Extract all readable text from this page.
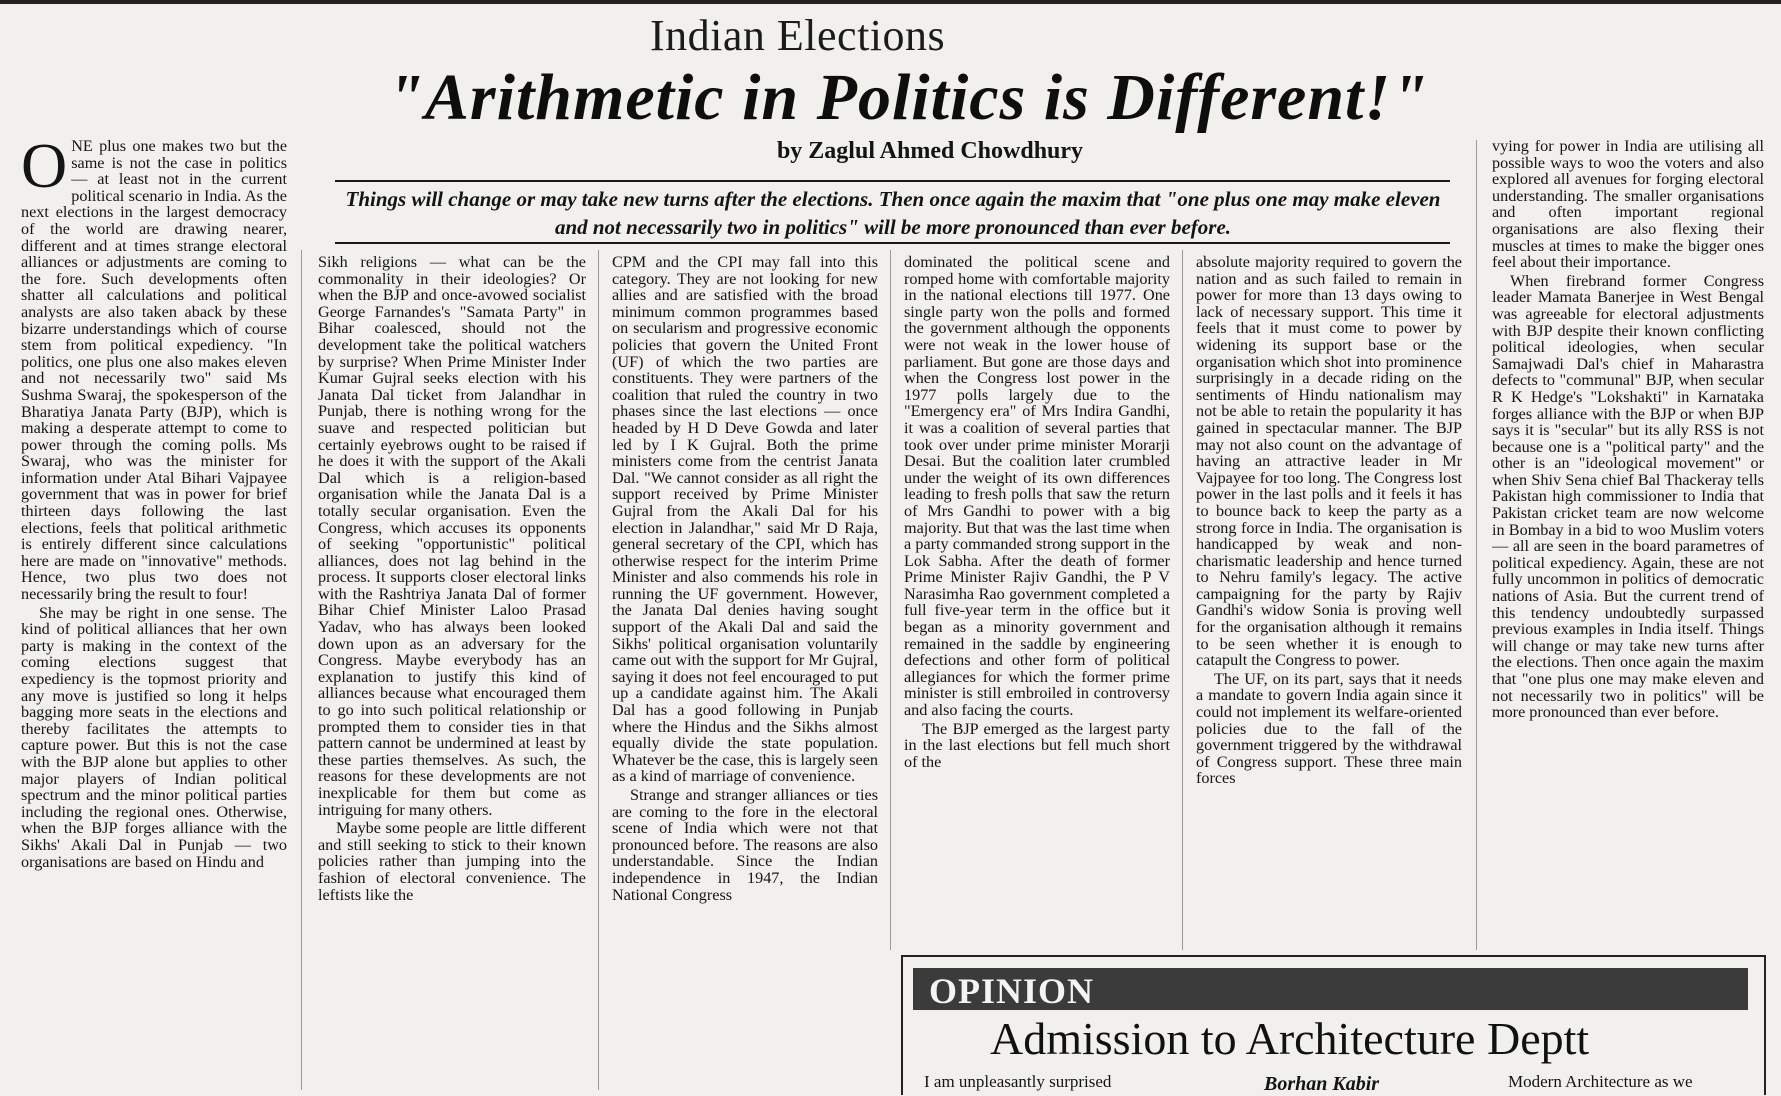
Indian Elections
"Arithmetic in Politics is Different!"
by Zaglul Ahmed Chowdhury
Things will change or may take new turns after the elections. Then once again the maxim that "one plus one may make eleven and not necessarily two in politics" will be more pronounced than ever before.

ONE plus one makes two but the same is not the case in politics — at least not in the current political scenario in India. As the next elections in the largest democracy of the world are drawing nearer, different and at times strange electoral alliances or adjustments are coming to the fore. Such developments often shatter all calculations and political analysts are also taken aback by these bizarre understandings which of course stem from political expediency. "In politics, one plus one also makes eleven and not necessarily two" said Ms Sushma Swaraj, the spokesperson of the Bharatiya Janata Party (BJP), which is making a desperate attempt to come to power through the coming polls. Ms Swaraj, who was the minister for information under Atal Bihari Vajpayee government that was in power for brief thirteen days following the last elections, feels that political arithmetic is entirely different since calculations here are made on "innovative" methods. Hence, two plus two does not necessarily bring the result to four!

She may be right in one sense. The kind of political alliances that her own party is making in the context of the coming elections suggest that expediency is the topmost priority and any move is justified so long it helps bagging more seats in the elections and thereby facilitates the attempts to capture power. But this is not the case with the BJP alone but applies to other major players of Indian political spectrum and the minor political parties including the regional ones. Otherwise, when the BJP forges alliance with the Sikhs' Akali Dal in Punjab — two organisations are based on Hindu and

Sikh religions — what can be the commonality in their ideologies? Or when the BJP and once-avowed socialist George Farnandes's "Samata Party" in Bihar coalesced, should not the development take the political watchers by surprise? When Prime Minister Inder Kumar Gujral seeks election with his Janata Dal ticket from Jalandhar in Punjab, there is nothing wrong for the suave and respected politician but certainly eyebrows ought to be raised if he does it with the support of the Akali Dal which is a religion-based organisation while the Janata Dal is a totally secular organisation. Even the Congress, which accuses its opponents of seeking "opportunistic" political alliances, does not lag behind in the process. It supports closer electoral links with the Rashtriya Janata Dal of former Bihar Chief Minister Laloo Prasad Yadav, who has always been looked down upon as an adversary for the Congress. Maybe everybody has an explanation to justify this kind of alliances because what encouraged them to go into such political relationship or prompted them to consider ties in that pattern cannot be undermined at least by these parties themselves. As such, the reasons for these developments are not inexplicable for them but come as intriguing for many others.

Maybe some people are little different and still seeking to stick to their known policies rather than jumping into the fashion of electoral convenience. The leftists like the

CPM and the CPI may fall into this category. They are not looking for new allies and are satisfied with the broad minimum common programmes based on secularism and progressive economic policies that govern the United Front (UF) of which the two parties are constituents. They were partners of the coalition that ruled the country in two phases since the last elections — once headed by H D Deve Gowda and later led by I K Gujral. Both the prime ministers come from the centrist Janata Dal. "We cannot consider as all right the support received by Prime Minister Gujral from the Akali Dal for his election in Jalandhar," said Mr D Raja, general secretary of the CPI, which has otherwise respect for the interim Prime Minister and also commends his role in running the UF government. However, the Janata Dal denies having sought support of the Akali Dal and said the Sikhs' political organisation voluntarily came out with the support for Mr Gujral, saying it does not feel encouraged to put up a candidate against him. The Akali Dal has a good following in Punjab where the Hindus and the Sikhs almost equally divide the state population. Whatever be the case, this is largely seen as a kind of marriage of convenience.

Strange and stranger alliances or ties are coming to the fore in the electoral scene of India which were not that pronounced before. The reasons are also understandable. Since the Indian independence in 1947, the Indian National Congress

dominated the political scene and romped home with comfortable majority in the national elections till 1977. One single party won the polls and formed the government although the opponents were not weak in the lower house of parliament. But gone are those days and when the Congress lost power in the 1977 polls largely due to the "Emergency era" of Mrs Indira Gandhi, it was a coalition of several parties that took over under prime minister Morarji Desai. But the coalition later crumbled under the weight of its own differences leading to fresh polls that saw the return of Mrs Gandhi to power with a big majority. But that was the last time when a party commanded strong support in the Lok Sabha. After the death of former Prime Minister Rajiv Gandhi, the P V Narasimha Rao government completed a full five-year term in the office but it began as a minority government and remained in the saddle by engineering defections and other form of political allegiances for which the former prime minister is still embroiled in controversy and also facing the courts.

The BJP emerged as the largest party in the last elections but fell much short of the

absolute majority required to govern the nation and as such failed to remain in power for more than 13 days owing to lack of necessary support. This time it feels that it must come to power by widening its support base or the organisation which shot into prominence surprisingly in a decade riding on the sentiments of Hindu nationalism may not be able to retain the popularity it has gained in spectacular manner. The BJP may not also count on the advantage of having an attractive leader in Mr Vajpayee for too long. The Congress lost power in the last polls and it feels it has to bounce back to keep the party as a strong force in India. The organisation is handicapped by weak and non-charismatic leadership and hence turned to Nehru family's legacy. The active campaigning for the party by Rajiv Gandhi's widow Sonia is proving well for the organisation although it remains to be seen whether it is enough to catapult the Congress to power.

The UF, on its part, says that it needs a mandate to govern India again since it could not implement its welfare-oriented policies due to the fall of the government triggered by the withdrawal of Congress support. These three main forces

vying for power in India are utilising all possible ways to woo the voters and also explored all avenues for forging electoral understanding. The smaller organisations and often important regional organisations are also flexing their muscles at times to make the bigger ones feel about their importance.

When firebrand former Congress leader Mamata Banerjee in West Bengal was agreeable for electoral adjustments with BJP despite their known conflicting political ideologies, when secular Samajwadi Dal's chief in Maharastra defects to "communal" BJP, when secular R K Hedge's "Lokshakti" in Karnataka forges alliance with the BJP or when BJP says it is "secular" but its ally RSS is not because one is a "political party" and the other is an "ideological movement" or when Shiv Sena chief Bal Thackeray tells Pakistan high commissioner to India that Pakistan cricket team are now welcome in Bombay in a bid to woo Muslim voters — all are seen in the board parametres of political expediency. Again, these are not fully uncommon in politics of democratic nations of Asia. But the current trend of this tendency undoubtedly surpassed previous examples in India itself. Things will change or may take new turns after the elections. Then once again the maxim that "one plus one may make eleven and not necessarily two in politics" will be more pronounced than ever before.

OPINION
Admission to Architecture Deptt
I am unpleasantly surprised	Borhan Kabir	Modern Architecture as we
